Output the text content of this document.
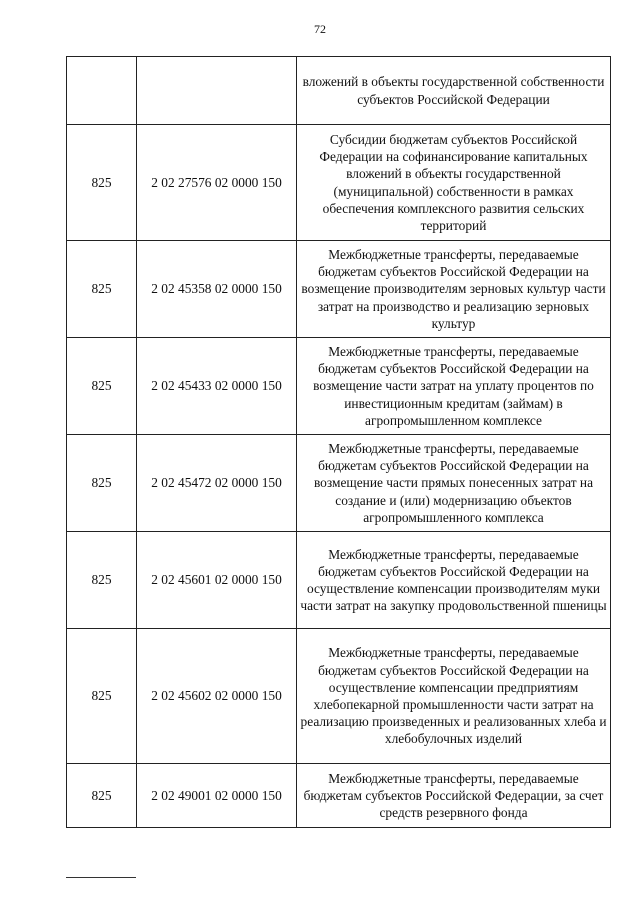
72
		вложений в объекты государственной собственности субъектов Российской Федерации
825	2 02 27576 02 0000 150	Субсидии бюджетам субъектов Российской Федерации на софинансирование капитальных вложений в объекты государственной (муниципальной) собственности в рамках обеспечения комплексного развития сельских территорий
825	2 02 45358 02 0000 150	Межбюджетные трансферты, передаваемые бюджетам субъектов Российской Федерации на возмещение производителям зерновых культур части затрат на производство и реализацию зерновых культур
825	2 02 45433 02 0000 150	Межбюджетные трансферты, передаваемые бюджетам субъектов Российской Федерации на возмещение части затрат на уплату процентов по инвестиционным кредитам (займам) в агропромышленном комплексе
825	2 02 45472 02 0000 150	Межбюджетные трансферты, передаваемые бюджетам субъектов Российской Федерации на возмещение части прямых понесенных затрат на создание и (или) модернизацию объектов агропромышленного комплекса
825	2 02 45601 02 0000 150	Межбюджетные трансферты, передаваемые бюджетам субъектов Российской Федерации на осуществление компенсации производителям муки части затрат на закупку продовольственной пшеницы
825	2 02 45602 02 0000 150	Межбюджетные трансферты, передаваемые бюджетам субъектов Российской Федерации на осуществление компенсации предприятиям хлебопекарной промышленности части затрат на реализацию произведенных и реализованных хлеба и хлебобулочных изделий
825	2 02 49001 02 0000 150	Межбюджетные трансферты, передаваемые бюджетам субъектов Российской Федерации, за счет средств резервного фонда
